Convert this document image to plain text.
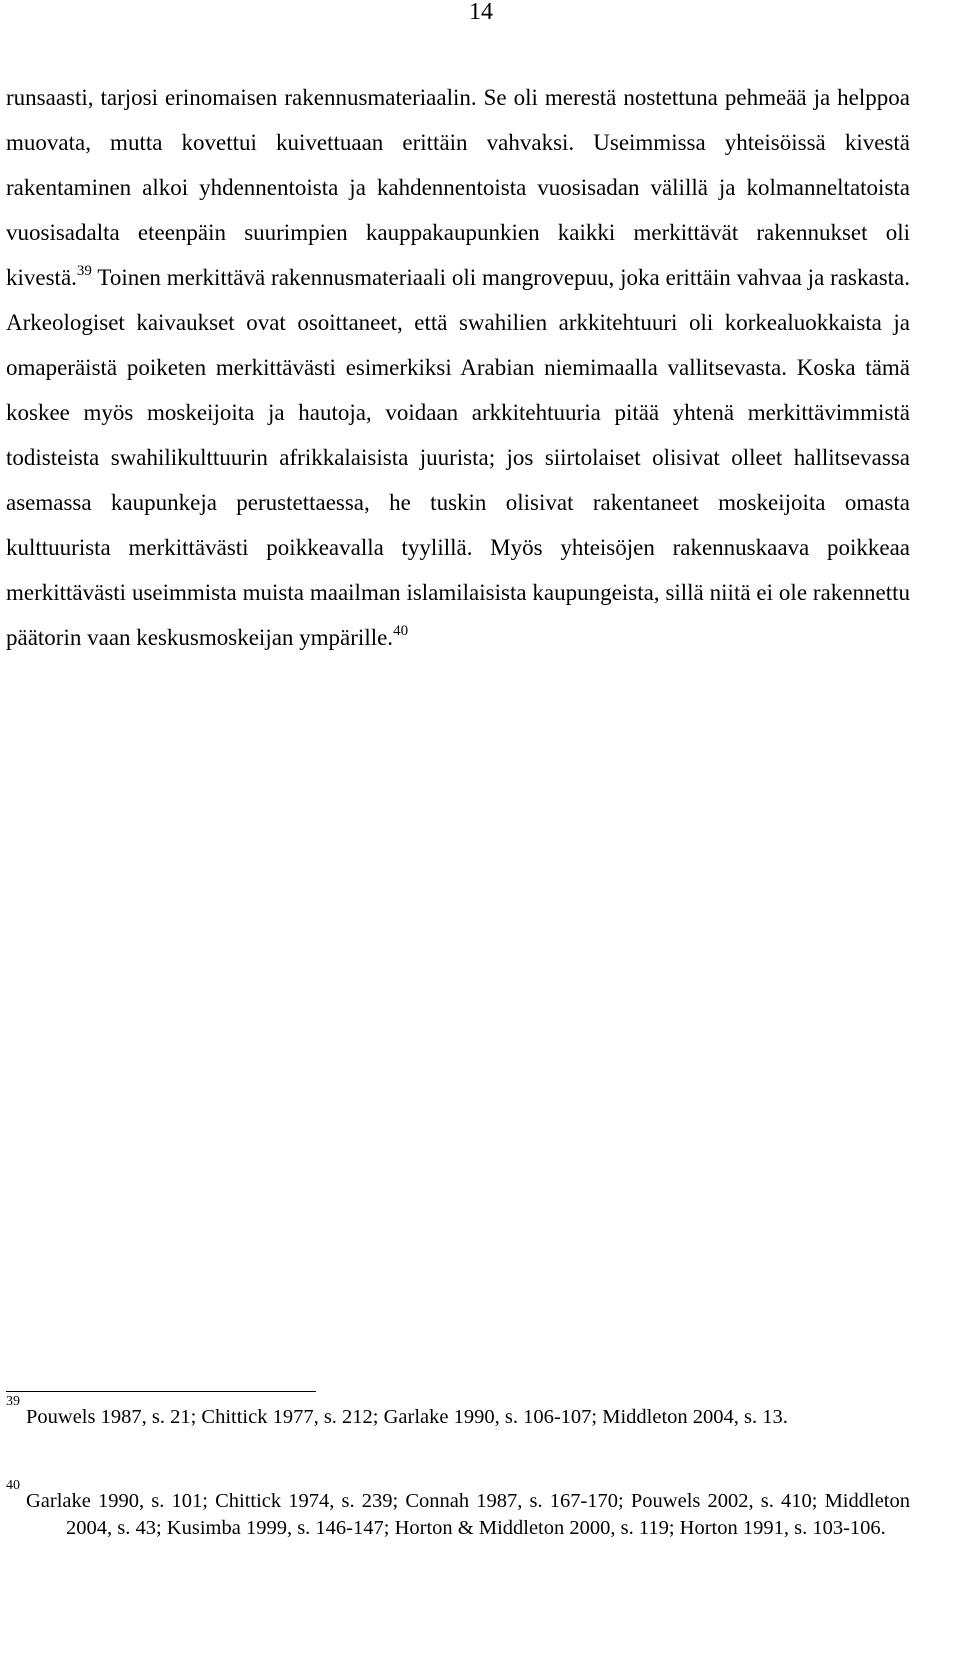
14

runsaasti, tarjosi erinomaisen rakennusmateriaalin. Se oli merestä nostettuna pehmeää ja helppoa muovata, mutta kovettui kuivettuaan erittäin vahvaksi. Useimmissa yhteisöissä kivestä rakentaminen alkoi yhdennentoista ja kahdennentoista vuosisadan välillä ja kolmanneltatoista vuosisadalta eteenpäin suurimpien kauppakaupunkien kaikki merkittävät rakennukset oli kivestä.$^{39}$ Toinen merkittävä rakennusmateriaali oli mangrovepuu, joka erittäin vahvaa ja raskasta. Arkeologiset kaivaukset ovat osoittaneet, että swahilien arkkitehtuuri oli korkealuokkaista ja omaperäistä poiketen merkittävästi esimerkiksi Arabian niemimaalla vallitsevasta. Koska tämä koskee myös moskeijoita ja hautoja, voidaan arkkitehtuuria pitää yhtenä merkittävimmistä todisteista swahilikulttuurin afrikkalaisista juurista; jos siirtolaiset olisivat olleet hallitsevassa asemassa kaupunkeja perustettaessa, he tuskin olisivat rakentaneet moskeijoita omasta kulttuurista merkittävästi poikkeavalla tyylillä. Myös yhteisöjen rakennuskaava poikkeaa merkittävästi useimmista muista maailman islamilaisista kaupungeista, sillä niitä ei ole rakennettu päätorin vaan keskusmoskeijan ympärille.$^{40}$

39
Pouwels 1987, s. 21; Chittick 1977, s. 212; Garlake 1990, s. 106-107; Middleton 2004, s. 13.
40
Garlake 1990, s. 101; Chittick 1974, s. 239; Connah 1987, s. 167-170; Pouwels 2002, s. 410; Middleton 2004, s. 43; Kusimba 1999, s. 146-147; Horton & Middleton 2000, s. 119; Horton 1991, s. 103-106.
